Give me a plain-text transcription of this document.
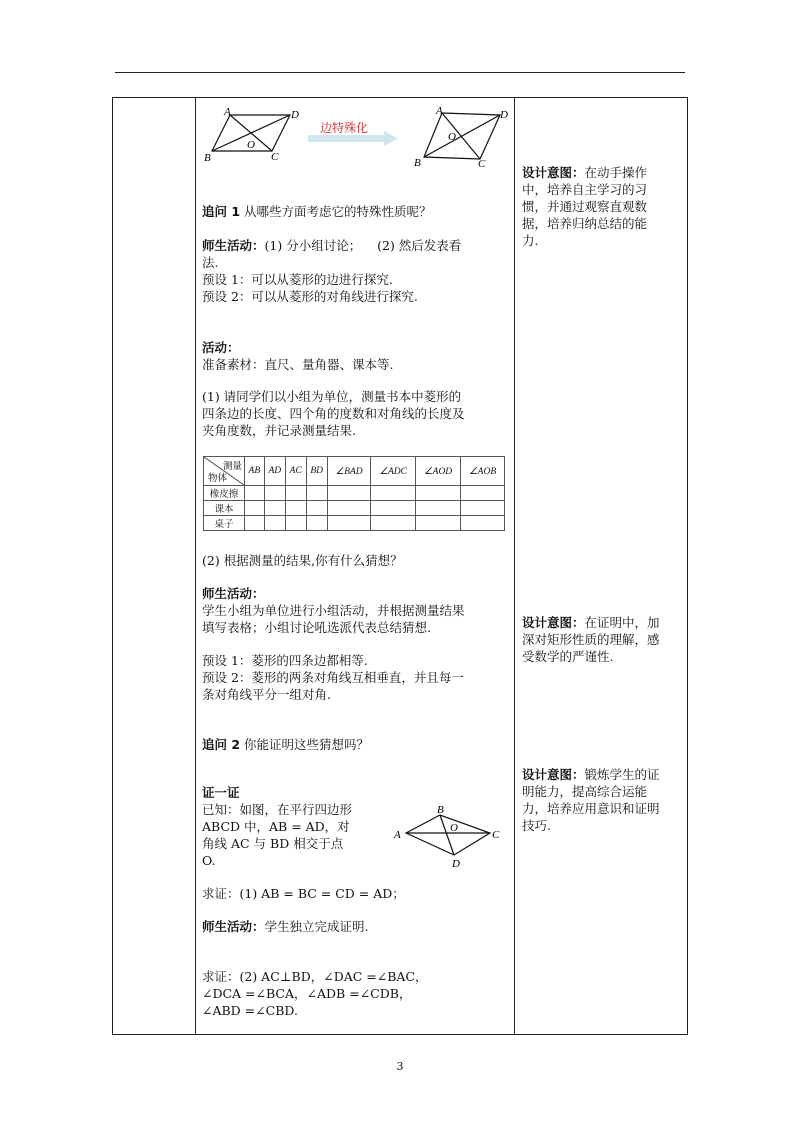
A	D
B	C
O
边特殊化
A	D
B	C
O

追问 1 从哪些方面考虑它的特殊性质呢？

师生活动：(1) 分小组讨论； (2) 然后发表看

法.

预设 1：可以从菱形的边进行探究.

预设 2：可以从菱形的对角线进行探究.

活动：

准备素材：直尺、量角器、课本等.

(1) 请同学们以小组为单位，测量书本中菱形的

四条边的长度、四个角的度数和对角线的长度及

夹角度数，并记录测量结果.

测量
物体	AB	AD	AC	BD	∠BAD	∠ADC	∠AOD	∠AOB
橡皮擦								
课本								
桌子								

(2) 根据测量的结果,你有什么猜想？

师生活动：

学生小组为单位进行小组活动，并根据测量结果

填写表格；小组讨论吼选派代表总结猜想.

预设 1：菱形的四条边都相等.

预设 2：菱形的两条对角线互相垂直，并且每一

条对角线平分一组对角.

追问 2 你能证明这些猜想吗？

证一证

已知：如图，在平行四边形

ABCD 中，AB = AD，对

角线 AC 与 BD 相交于点

O.

A
B
C
D
O

求证：(1) AB = BC = CD = AD；

师生活动：学生独立完成证明.

求证：(2) AC⊥BD，∠DAC =∠BAC，

∠DCA =∠BCA，∠ADB =∠CDB，

∠ABD =∠CBD.

设计意图：在动手操作

中，培养自主学习的习

惯，并通过观察直观数

据，培养归纳总结的能

力.

设计意图：在证明中，加

深对矩形性质的理解，感

受数学的严谨性.

设计意图：锻炼学生的证

明能力，提高综合运能

力，培养应用意识和证明

技巧.

3
